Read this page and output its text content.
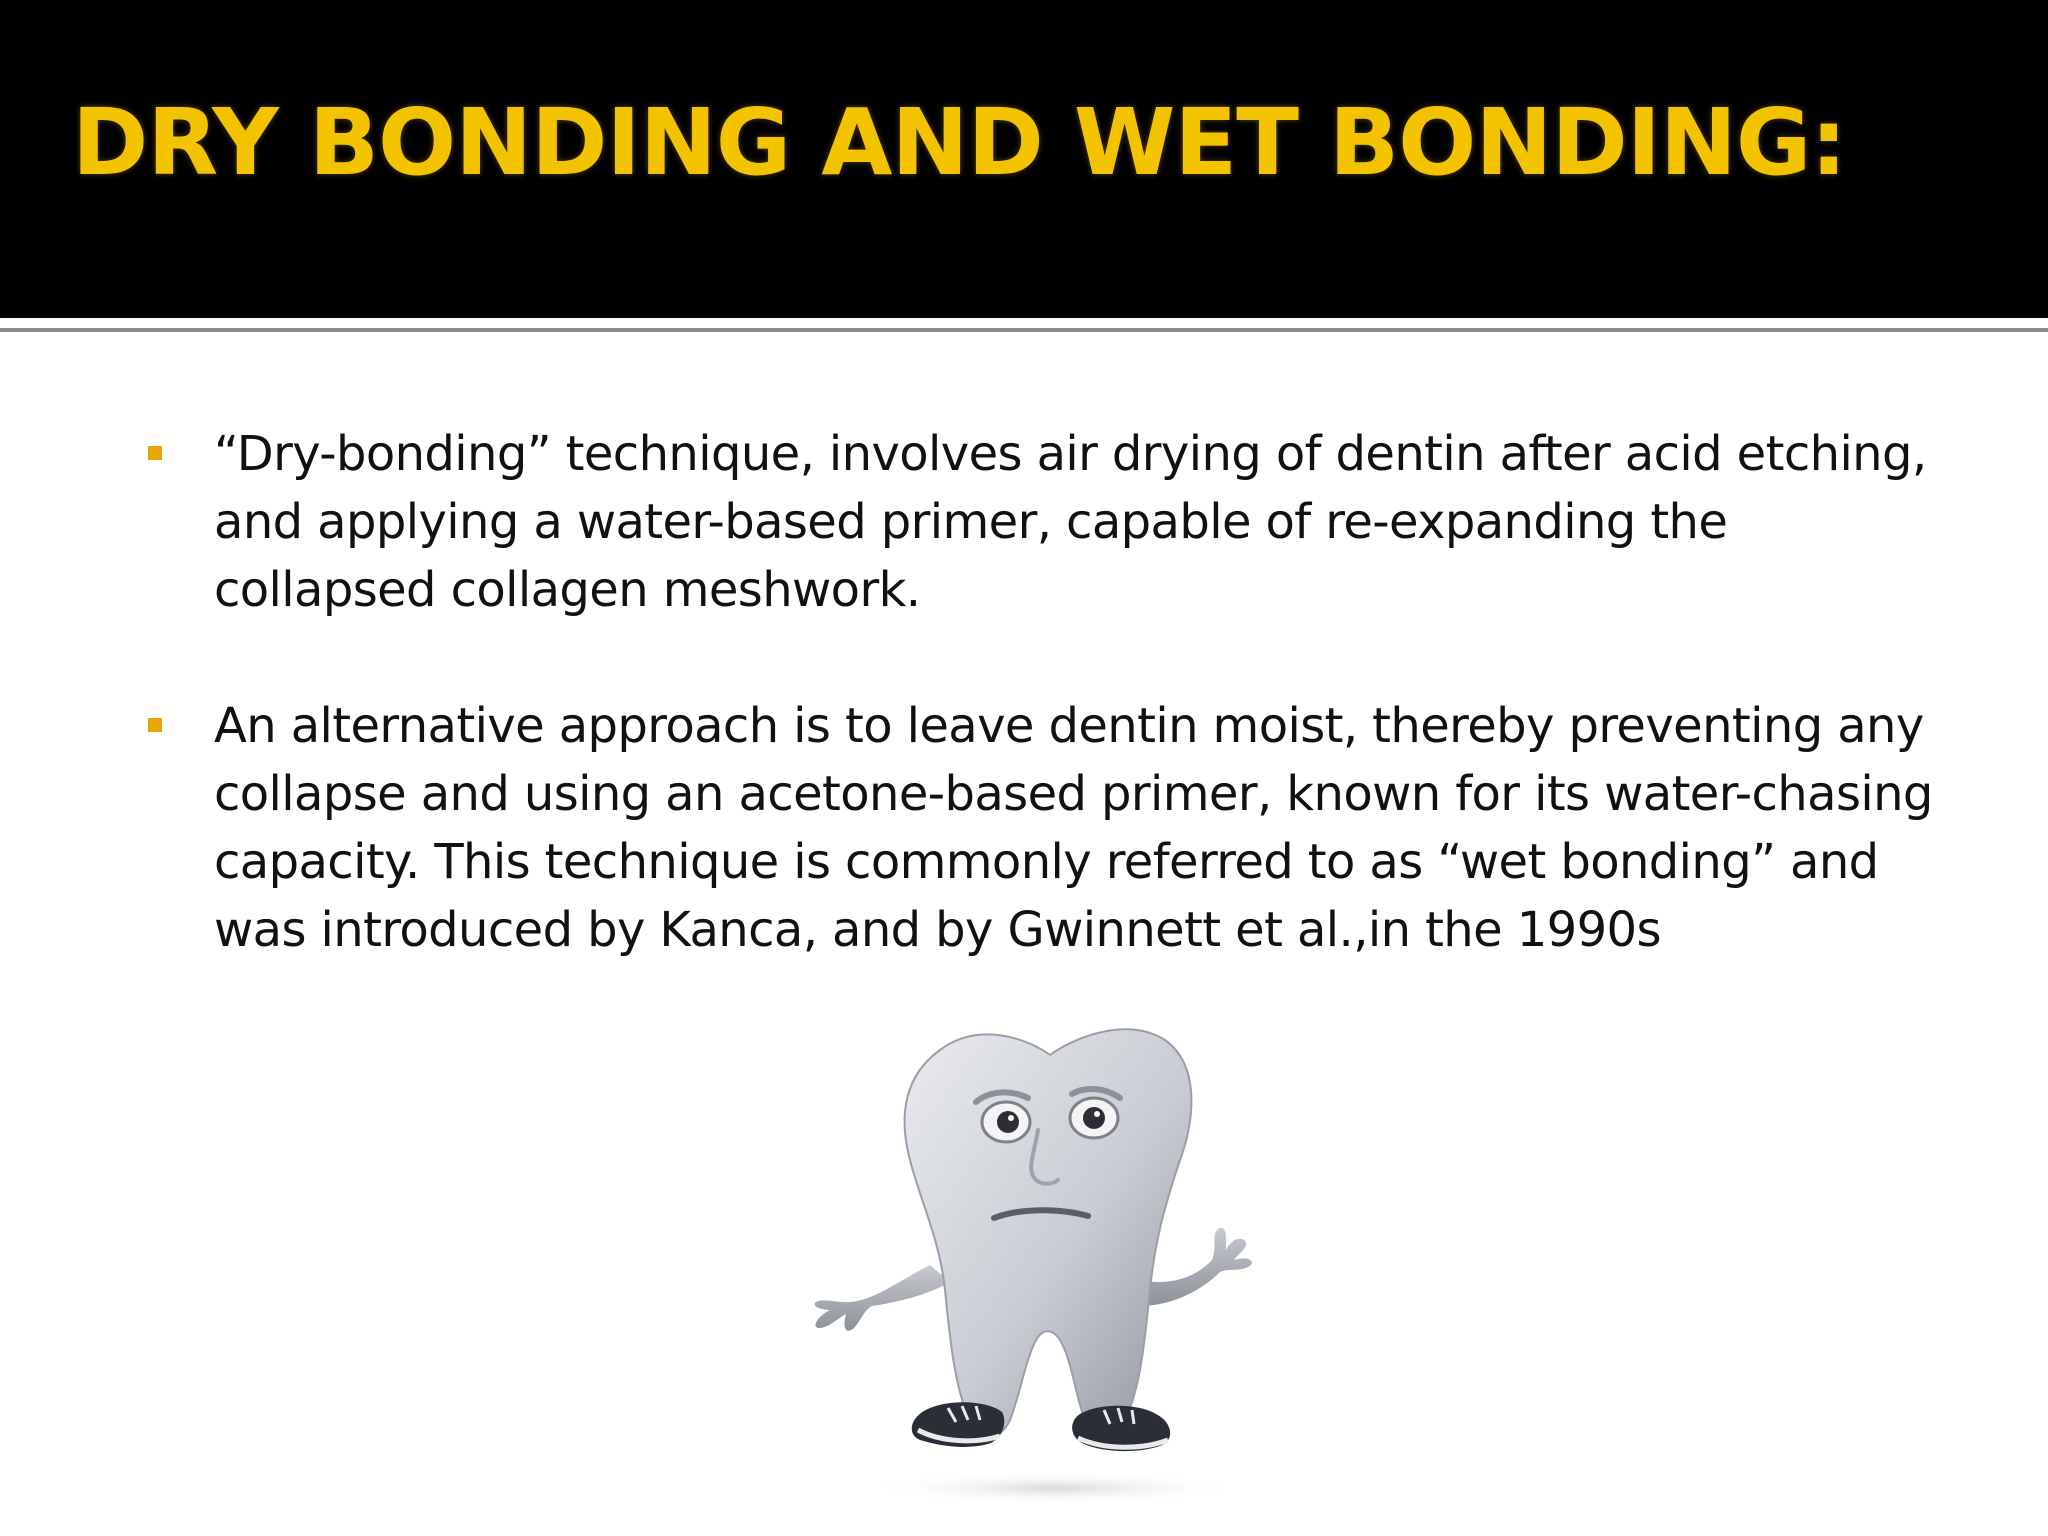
DRY BONDING AND WET BONDING:
“Dry-bonding” technique, involves air drying of dentin after acid etching, and applying a water-based primer, capable of re-expanding the collapsed collagen meshwork.
An alternative approach is to leave dentin moist, thereby preventing any collapse and using an acetone-based primer, known for its water-chasing capacity. This technique is commonly referred to as “wet bonding” and was introduced by Kanca, and by Gwinnett et al.,in the 1990s
